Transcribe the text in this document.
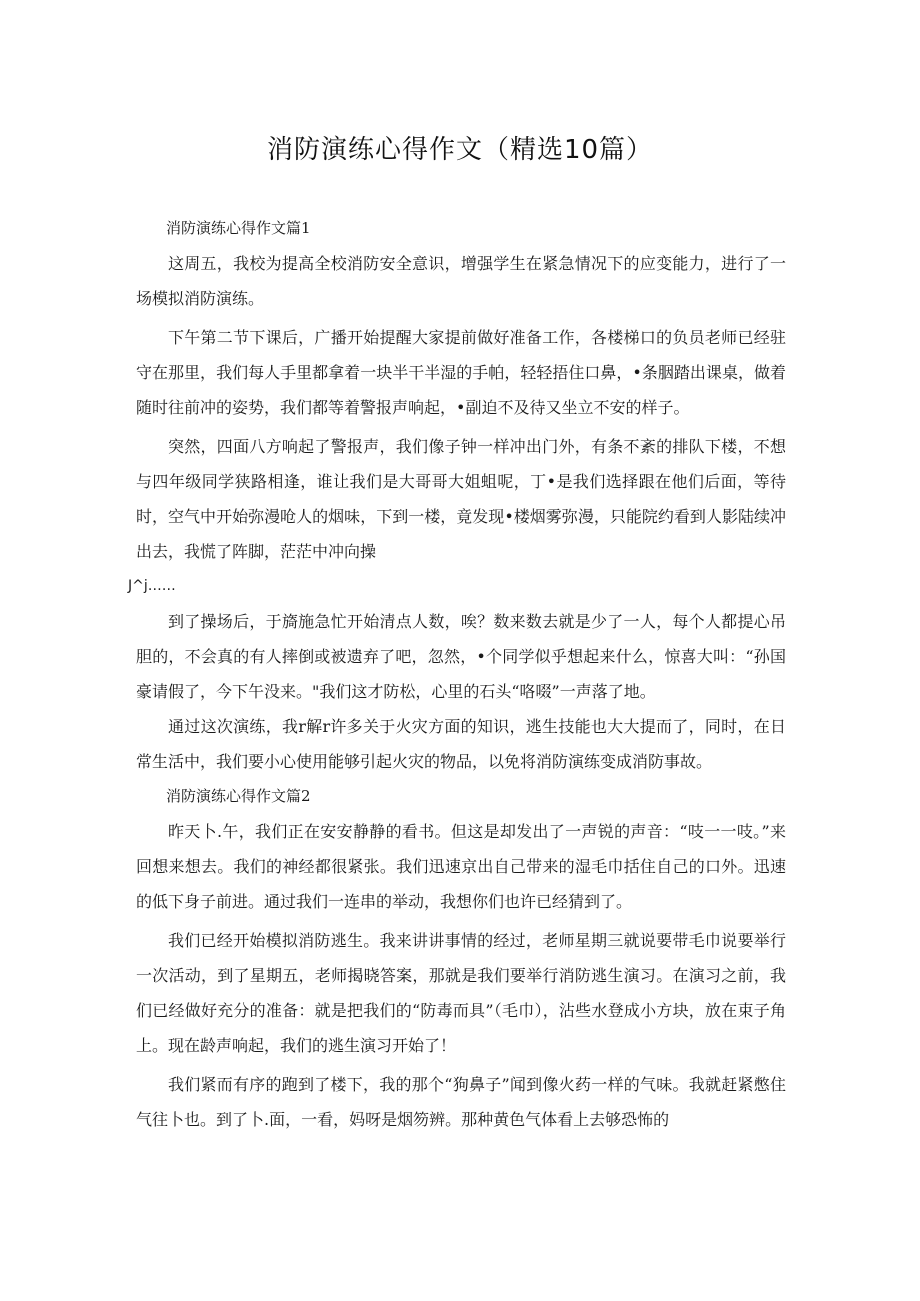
消防演练心得作文（精选10篇）

消防演练心得作文篇1

这周五，我校为提高全校消防安全意识，增强学生在紧急情况下的应变能力，进行了一场模拟消防演练。

下午第二节下课后，广播开始提醒大家提前做好准备工作，各楼梯口的负员老师已经驻守在那里，我们每人手里都拿着一块半干半湿的手帕，轻轻捂住口鼻，•条胭踏出课桌，做着随时往前冲的姿势，我们都等着警报声响起，•副迫不及待又坐立不安的样子。

突然，四面八方响起了警报声，我们像子钟一样冲出门外，有条不紊的排队下楼，不想与四年级同学狭路相逢，谁让我们是大哥哥大姐蛆呢，丁•是我们选择跟在他们后面，等待时，空气中开始弥漫呛人的烟味，下到一楼，竟发现•楼烟雾弥漫，只能院约看到人影陆续冲出去，我慌了阵脚，茫茫中冲向操

J^j……

到了操场后，于旖施急忙开始清点人数，唉？数来数去就是少了一人，每个人都提心吊胆的，不会真的有人摔倒或被遗弃了吧，忽然，•个同学似乎想起来什么，惊喜大叫：“孙国豪请假了，今下午没来。"我们这才防松，心里的石头“咯啜”一声落了地。

通过这次演练，我r解r许多关于火灾方面的知识，逃生技能也大大提而了，同时，在日常生活中，我们要小心使用能够引起火灾的物品，以免将消防演练变成消防事故。

消防演练心得作文篇2

昨天卜.午，我们正在安安静静的看书。但这是却发出了一声锐的声音：“吱一一吱。”来回想来想去。我们的神经都很紧张。我们迅速京出自己带来的湿毛巾括住自己的口外。迅速的低下身子前进。通过我们一连串的举动，我想你们也许已经猜到了。

我们已经开始模拟消防逃生。我来讲讲事情的经过，老师星期三就说要带毛巾说要举行一次活动，到了星期五，老师揭晓答案，那就是我们要举行消防逃生演习。在演习之前，我们已经做好充分的准备：就是把我们的“防毒而具”（毛巾），沾些水登成小方块，放在束子角上。现在龄声响起，我们的逃生演习开始了！

我们紧而有序的跑到了楼下，我的那个“狗鼻子”闻到像火药一样的气味。我就赶紧憋住气往卜也。到了卜.面，一看，妈呀是烟笏辨。那种黄色气体看上去够恐怖的
